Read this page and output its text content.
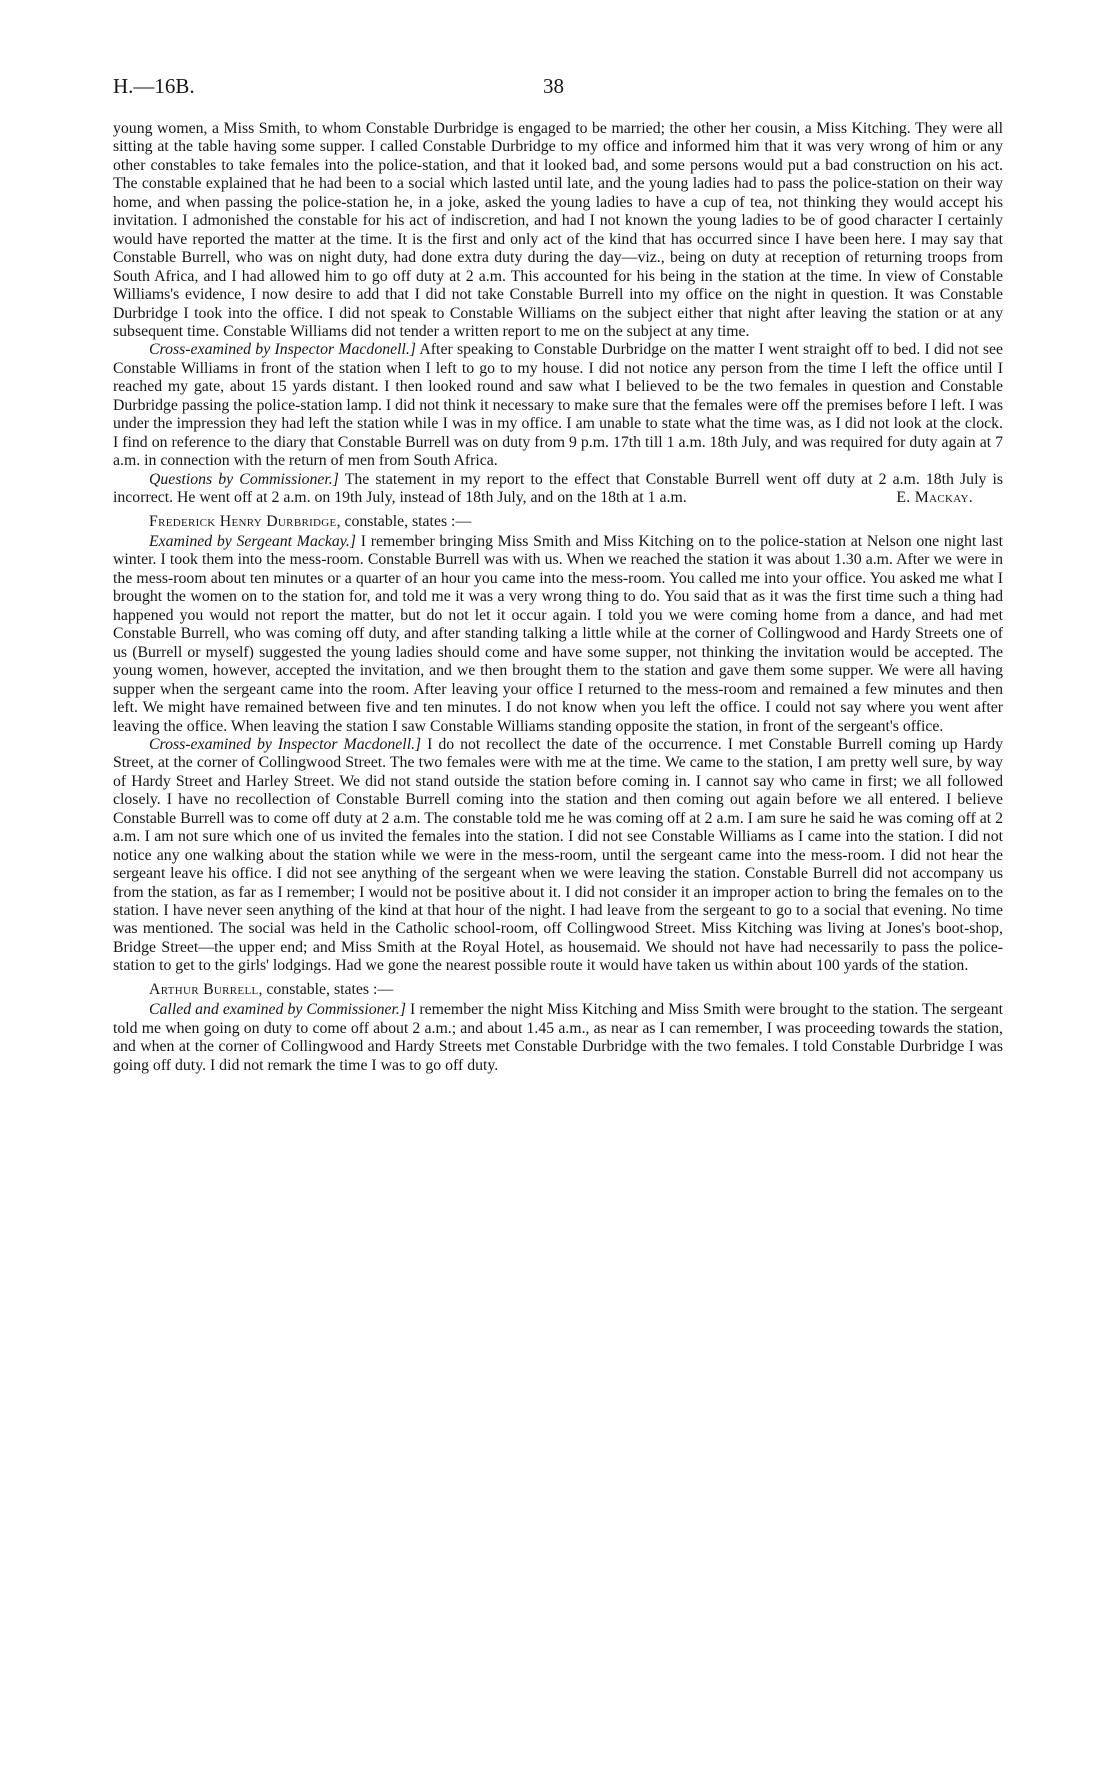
H.—16B.	38

young women, a Miss Smith, to whom Constable Durbridge is engaged to be married; the other her cousin, a Miss Kitching. They were all sitting at the table having some supper. I called Constable Durbridge to my office and informed him that it was very wrong of him or any other constables to take females into the police-station, and that it looked bad, and some persons would put a bad construction on his act. The constable explained that he had been to a social which lasted until late, and the young ladies had to pass the police-station on their way home, and when passing the police-station he, in a joke, asked the young ladies to have a cup of tea, not thinking they would accept his invitation. I admonished the constable for his act of indiscretion, and had I not known the young ladies to be of good character I certainly would have reported the matter at the time. It is the first and only act of the kind that has occurred since I have been here. I may say that Constable Burrell, who was on night duty, had done extra duty during the day—viz., being on duty at reception of returning troops from South Africa, and I had allowed him to go off duty at 2 a.m. This accounted for his being in the station at the time. In view of Constable Williams's evidence, I now desire to add that I did not take Constable Burrell into my office on the night in question. It was Constable Durbridge I took into the office. I did not speak to Constable Williams on the subject either that night after leaving the station or at any subsequent time. Constable Williams did not tender a written report to me on the subject at any time.

Cross-examined by Inspector Macdonell.] After speaking to Constable Durbridge on the matter I went straight off to bed. I did not see Constable Williams in front of the station when I left to go to my house. I did not notice any person from the time I left the office until I reached my gate, about 15 yards distant. I then looked round and saw what I believed to be the two females in question and Constable Durbridge passing the police-station lamp. I did not think it necessary to make sure that the females were off the premises before I left. I was under the impression they had left the station while I was in my office. I am unable to state what the time was, as I did not look at the clock. I find on reference to the diary that Constable Burrell was on duty from 9 p.m. 17th till 1 a.m. 18th July, and was required for duty again at 7 a.m. in connection with the return of men from South Africa.

Questions by Commissioner.] The statement in my report to the effect that Constable Burrell went off duty at 2 a.m. 18th July is incorrect. He went off at 2 a.m. on 19th July, instead of 18th July, and on the 18th at 1 a.m.	E. Mackay.

Frederick Henry Durbridge, constable, states :—

Examined by Sergeant Mackay.] I remember bringing Miss Smith and Miss Kitching on to the police-station at Nelson one night last winter. I took them into the mess-room. Constable Burrell was with us. When we reached the station it was about 1.30 a.m. After we were in the mess-room about ten minutes or a quarter of an hour you came into the mess-room. You called me into your office. You asked me what I brought the women on to the station for, and told me it was a very wrong thing to do. You said that as it was the first time such a thing had happened you would not report the matter, but do not let it occur again. I told you we were coming home from a dance, and had met Constable Burrell, who was coming off duty, and after standing talking a little while at the corner of Collingwood and Hardy Streets one of us (Burrell or myself) suggested the young ladies should come and have some supper, not thinking the invitation would be accepted. The young women, however, accepted the invitation, and we then brought them to the station and gave them some supper. We were all having supper when the sergeant came into the room. After leaving your office I returned to the mess-room and remained a few minutes and then left. We might have remained between five and ten minutes. I do not know when you left the office. I could not say where you went after leaving the office. When leaving the station I saw Constable Williams standing opposite the station, in front of the sergeant's office.

Cross-examined by Inspector Macdonell.] I do not recollect the date of the occurrence. I met Constable Burrell coming up Hardy Street, at the corner of Collingwood Street. The two females were with me at the time. We came to the station, I am pretty well sure, by way of Hardy Street and Harley Street. We did not stand outside the station before coming in. I cannot say who came in first; we all followed closely. I have no recollection of Constable Burrell coming into the station and then coming out again before we all entered. I believe Constable Burrell was to come off duty at 2 a.m. The constable told me he was coming off at 2 a.m. I am sure he said he was coming off at 2 a.m. I am not sure which one of us invited the females into the station. I did not see Constable Williams as I came into the station. I did not notice any one walking about the station while we were in the mess-room, until the sergeant came into the mess-room. I did not hear the sergeant leave his office. I did not see anything of the sergeant when we were leaving the station. Constable Burrell did not accompany us from the station, as far as I remember; I would not be positive about it. I did not consider it an improper action to bring the females on to the station. I have never seen anything of the kind at that hour of the night. I had leave from the sergeant to go to a social that evening. No time was mentioned. The social was held in the Catholic school-room, off Collingwood Street. Miss Kitching was living at Jones's boot-shop, Bridge Street—the upper end; and Miss Smith at the Royal Hotel, as housemaid. We should not have had necessarily to pass the police-station to get to the girls' lodgings. Had we gone the nearest possible route it would have taken us within about 100 yards of the station.

Arthur Burrell, constable, states :—

Called and examined by Commissioner.] I remember the night Miss Kitching and Miss Smith were brought to the station. The sergeant told me when going on duty to come off about 2 a.m.; and about 1.45 a.m., as near as I can remember, I was proceeding towards the station, and when at the corner of Collingwood and Hardy Streets met Constable Durbridge with the two females. I told Constable Durbridge I was going off duty. I did not remark the time I was to go off duty.
